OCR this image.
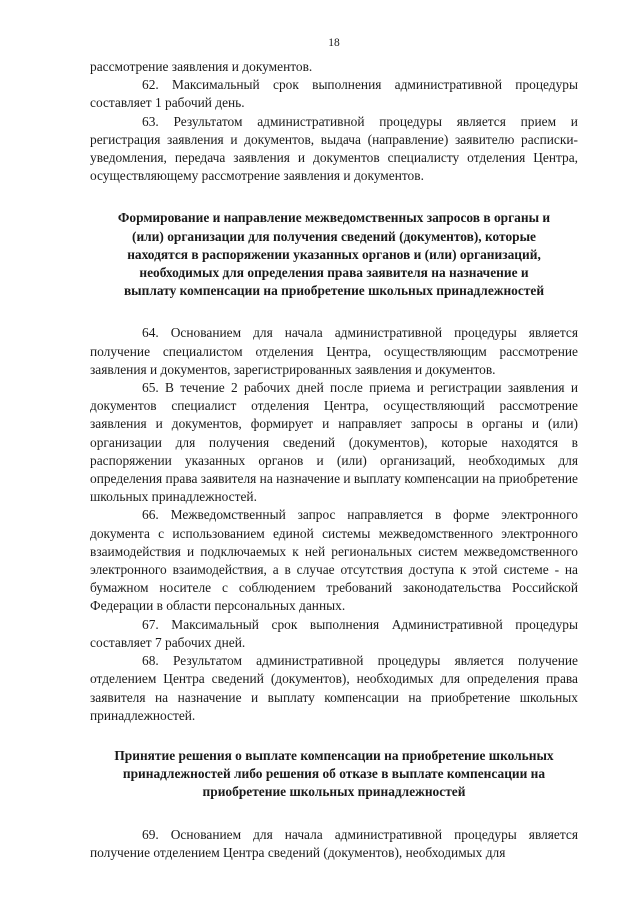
18

рассмотрение заявления и документов.

62. Максимальный срок выполнения административной процедуры составляет 1 рабочий день.

63. Результатом административной процедуры является прием и регистрация заявления и документов, выдача (направление) заявителю расписки-уведомления, передача заявления и документов специалисту отделения Центра, осуществляющему рассмотрение заявления и документов.

Формирование и направление межведомственных запросов в органы и (или) организации для получения сведений (документов), которые находятся в распоряжении указанных органов и (или) организаций, необходимых для определения права заявителя на назначение и выплату компенсации на приобретение школьных принадлежностей

64. Основанием для начала административной процедуры является получение специалистом отделения Центра, осуществляющим рассмотрение заявления и документов, зарегистрированных заявления и документов.

65. В течение 2 рабочих дней после приема и регистрации заявления и документов специалист отделения Центра, осуществляющий рассмотрение заявления и документов, формирует и направляет запросы в органы и (или) организации для получения сведений (документов), которые находятся в распоряжении указанных органов и (или) организаций, необходимых для определения права заявителя на назначение и выплату компенсации на приобретение школьных принадлежностей.

66. Межведомственный запрос направляется в форме электронного документа с использованием единой системы межведомственного электронного взаимодействия и подключаемых к ней региональных систем межведомственного электронного взаимодействия, а в случае отсутствия доступа к этой системе - на бумажном носителе с соблюдением требований законодательства Российской Федерации в области персональных данных.

67. Максимальный срок выполнения Административной процедуры составляет 7 рабочих дней.

68. Результатом административной процедуры является получение отделением Центра сведений (документов), необходимых для определения права заявителя на назначение и выплату компенсации на приобретение школьных принадлежностей.

Принятие решения о выплате компенсации на приобретение школьных принадлежностей либо решения об отказе в выплате компенсации на приобретение школьных принадлежностей

69. Основанием для начала административной процедуры является получение отделением Центра сведений (документов), необходимых для
